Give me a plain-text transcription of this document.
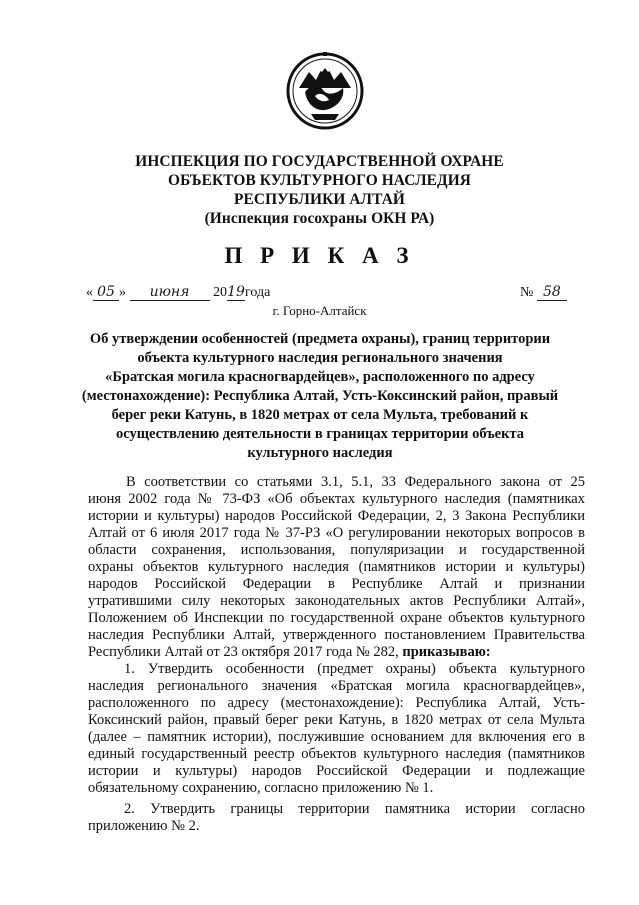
ИНСПЕКЦИЯ ПО ГОСУДАРСТВЕННОЙ ОХРАНЕ
ОБЪЕКТОВ КУЛЬТУРНОГО НАСЛЕДИЯ
РЕСПУБЛИКИ АЛТАЙ
(Инспекция госохраны ОКН РА)
П Р И К А З
« 05 » июня 2019года	№ 58
г. Горно-Алтайск
Об утверждении особенностей (предмета охраны), границ территории
объекта культурного наследия регионального значения
«Братская могила красногвардейцев», расположенного по адресу
(местонахождение): Республика Алтай, Усть-Коксинский район, правый
берег реки Катунь, в 1820 метрах от села Мульта, требований к
осуществлению деятельности в границах территории объекта
культурного наследия
В соответствии со статьями 3.1, 5.1, 33 Федерального закона от 25
июня 2002 года № 73-ФЗ «Об объектах культурного наследия (памятниках
истории и культуры) народов Российской Федерации, 2, 3 Закона Республики
Алтай от 6 июля 2017 года № 37-РЗ «О регулировании некоторых вопросов в
области сохранения, использования, популяризации и государственной
охраны объектов культурного наследия (памятников истории и культуры)
народов Российской Федерации в Республике Алтай и признании
утратившими силу некоторых законодательных актов Республики Алтай»,
Положением об Инспекции по государственной охране объектов культурного
наследия Республики Алтай, утвержденного постановлением Правительства
Республики Алтай от 23 октября 2017 года № 282, приказываю:
1. Утвердить особенности (предмет охраны) объекта культурного
наследия регионального значения «Братская могила красногвардейцев»,
расположенного по адресу (местонахождение): Республика Алтай, Усть-
Коксинский район, правый берег реки Катунь, в 1820 метрах от села Мульта
(далее – памятник истории), послужившие основанием для включения его в
единый государственный реестр объектов культурного наследия (памятников
истории и культуры) народов Российской Федерации и подлежащие
обязательному сохранению, согласно приложению № 1.
2. Утвердить границы территории памятника истории согласно
приложению № 2.
